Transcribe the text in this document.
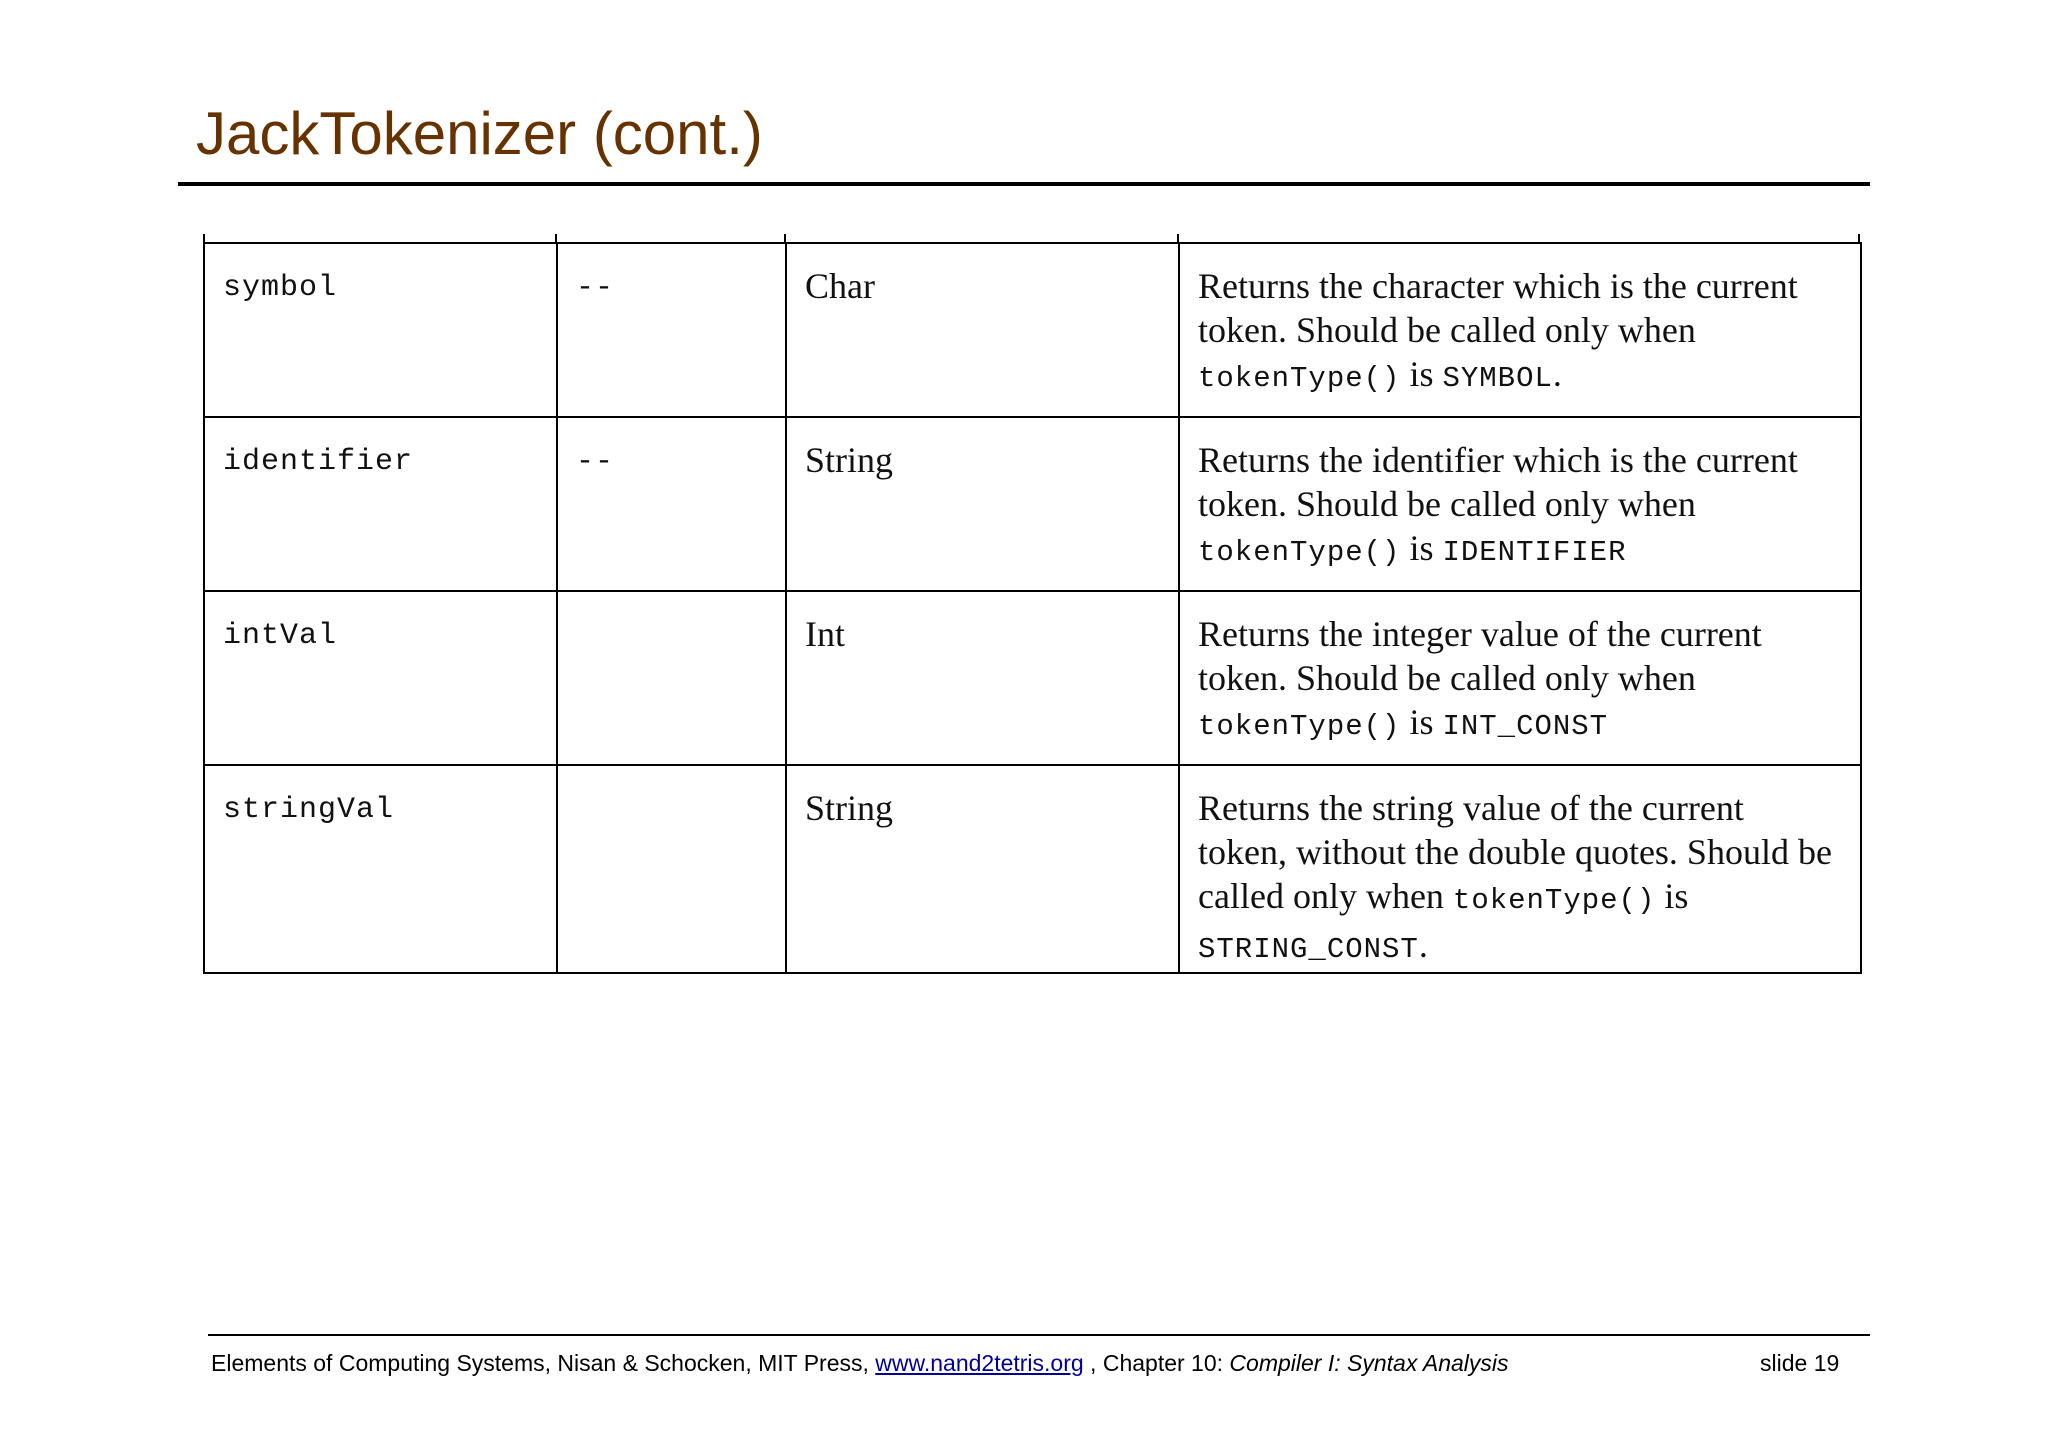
JackTokenizer (cont.)
symbol	--	Char	Returns the character which is the current token. Should be called only when tokenType() is SYMBOL.
identifier	--	String	Returns the identifier which is the current token. Should be called only when tokenType() is IDENTIFIER
intVal		Int	Returns the integer value of the current token. Should be called only when tokenType() is INT_CONST
stringVal		String	Returns the string value of the current token, without the double quotes. Should be called only when tokenType() is STRING_CONST.
Elements of Computing Systems, Nisan & Schocken, MIT Press, www.nand2tetris.org , Chapter 10: Compiler I: Syntax Analysis	slide 19
